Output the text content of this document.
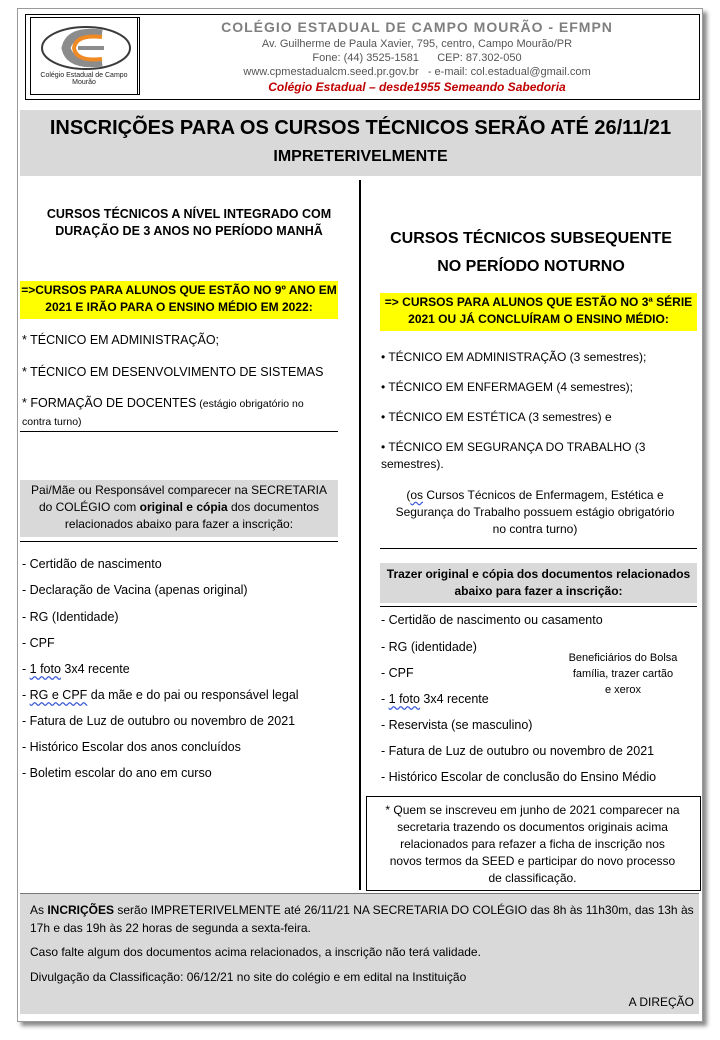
Colégio Estadual de Campo Mourão
COLÉGIO ESTADUAL DE CAMPO MOURÃO - EFMPN
Av. Guilherme de Paula Xavier, 795, centro, Campo Mourão/PR
Fone: (44) 3525-1581 CEP: 87.302-050
www.cpmestadualcm.seed.pr.gov.br - e-mail: col.estadual@gmail.com
Colégio Estadual – desde1955 Semeando Sabedoria
INSCRIÇÕES PARA OS CURSOS TÉCNICOS SERÃO ATÉ 26/11/21
IMPRETERIVELMENTE
CURSOS TÉCNICOS A NÍVEL INTEGRADO COM
DURAÇÃO DE 3 ANOS NO PERÍODO MANHÃ
=>CURSOS PARA ALUNOS QUE ESTÃO NO 9º ANO EM
2021 E IRÃO PARA O ENSINO MÉDIO EM 2022:
* TÉCNICO EM ADMINISTRAÇÃO;
* TÉCNICO EM DESENVOLVIMENTO DE SISTEMAS
* FORMAÇÃO DE DOCENTES (estágio obrigatório no
contra turno)
Pai/Mãe ou Responsável comparecer na SECRETARIA
do COLÉGIO com original e cópia dos documentos
relacionados abaixo para fazer a inscrição:
- Certidão de nascimento
- Declaração de Vacina (apenas original)
- RG (Identidade)
- CPF
- 1 foto 3x4 recente
- RG e CPF da mãe e do pai ou responsável legal
- Fatura de Luz de outubro ou novembro de 2021
- Histórico Escolar dos anos concluídos
- Boletim escolar do ano em curso
CURSOS TÉCNICOS SUBSEQUENTE
NO PERÍODO NOTURNO
=> CURSOS PARA ALUNOS QUE ESTÃO NO 3ª SÉRIE
2021 OU JÁ CONCLUÍRAM O ENSINO MÉDIO:
• TÉCNICO EM ADMINISTRAÇÃO (3 semestres);
• TÉCNICO EM ENFERMAGEM (4 semestres);
• TÉCNICO EM ESTÉTICA (3 semestres) e
• TÉCNICO EM SEGURANÇA DO TRABALHO (3
semestres).
(os Cursos Técnicos de Enfermagem, Estética e
Segurança do Trabalho possuem estágio obrigatório
no contra turno)
Trazer original e cópia dos documentos relacionados
abaixo para fazer a inscrição:
- Certidão de nascimento ou casamento
- RG (identidade)
- CPF
- 1 foto 3x4 recente
- Reservista (se masculino)
- Fatura de Luz de outubro ou novembro de 2021
- Histórico Escolar de conclusão do Ensino Médio
Beneficiários do Bolsa
família, trazer cartão
e xerox
* Quem se inscreveu em junho de 2021 comparecer na
secretaria trazendo os documentos originais acima
relacionados para refazer a ficha de inscrição nos
novos termos da SEED e participar do novo processo
de classificação.
As INCRIÇÕES serão IMPRETERIVELMENTE até 26/11/21 NA SECRETARIA DO COLÉGIO das 8h às 11h30m, das 13h às
17h e das 19h às 22 horas de segunda a sexta-feira.
Caso falte algum dos documentos acima relacionados, a inscrição não terá validade.
Divulgação da Classificação: 06/12/21 no site do colégio e em edital na Instituição
A DIREÇÃO
